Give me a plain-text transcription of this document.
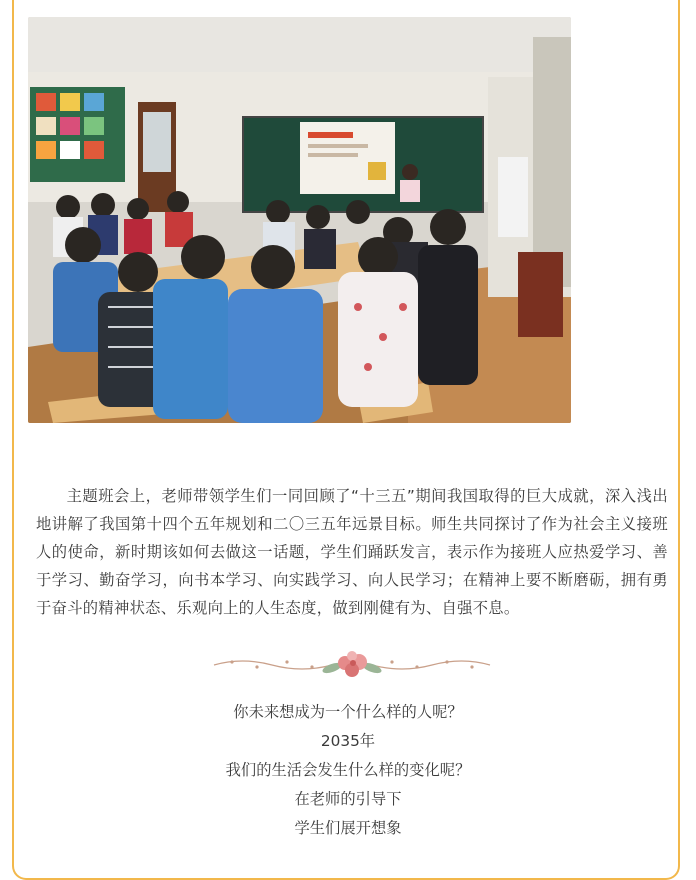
主题班会上，老师带领学生们一同回顾了“十三五”期间我国取得的巨大成就，深入浅出地讲解了我国第十四个五年规划和二〇三五年远景目标。师生共同探讨了作为社会主义接班人的使命，新时期该如何去做这一话题，学生们踊跃发言，表示作为接班人应热爱学习、善于学习、勤奋学习，向书本学习、向实践学习、向人民学习；在精神上要不断磨砺，拥有勇于奋斗的精神状态、乐观向上的人生态度，做到刚健有为、自强不息。

你未来想成为一个什么样的人呢？
2035年
我们的生活会发生什么样的变化呢？
在老师的引导下
学生们展开想象
